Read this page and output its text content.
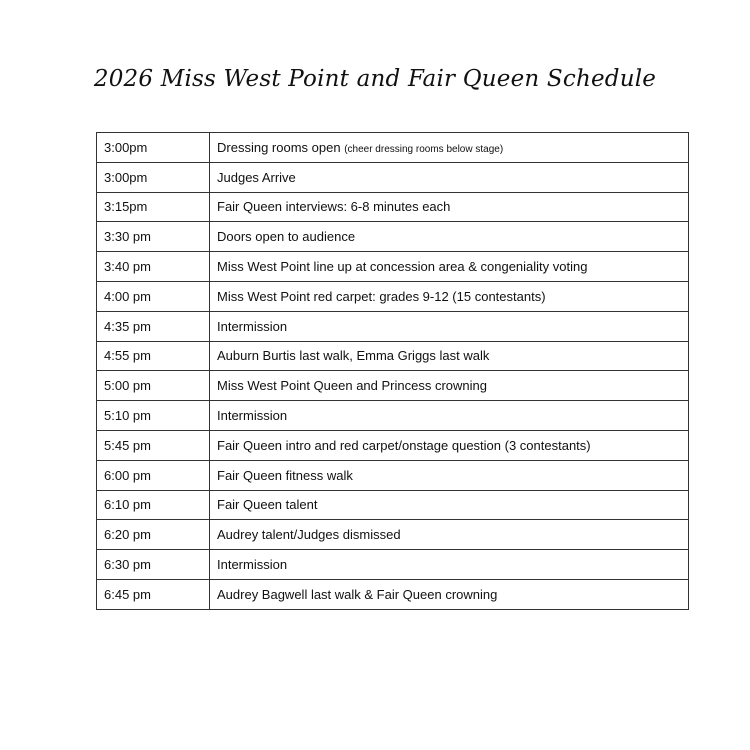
2026 Miss West Point and Fair Queen Schedule
3:00pm	Dressing rooms open (cheer dressing rooms below stage)
3:00pm	Judges Arrive
3:15pm	Fair Queen interviews: 6-8 minutes each
3:30 pm	Doors open to audience
3:40 pm	Miss West Point line up at concession area & congeniality voting
4:00 pm	Miss West Point red carpet: grades 9-12 (15 contestants)
4:35 pm	Intermission
4:55 pm	Auburn Burtis last walk, Emma Griggs last walk
5:00 pm	Miss West Point Queen and Princess crowning
5:10 pm	Intermission
5:45 pm	Fair Queen intro and red carpet/onstage question (3 contestants)
6:00 pm	Fair Queen fitness walk
6:10 pm	Fair Queen talent
6:20 pm	Audrey talent/Judges dismissed
6:30 pm	Intermission
6:45 pm	Audrey Bagwell last walk & Fair Queen crowning
